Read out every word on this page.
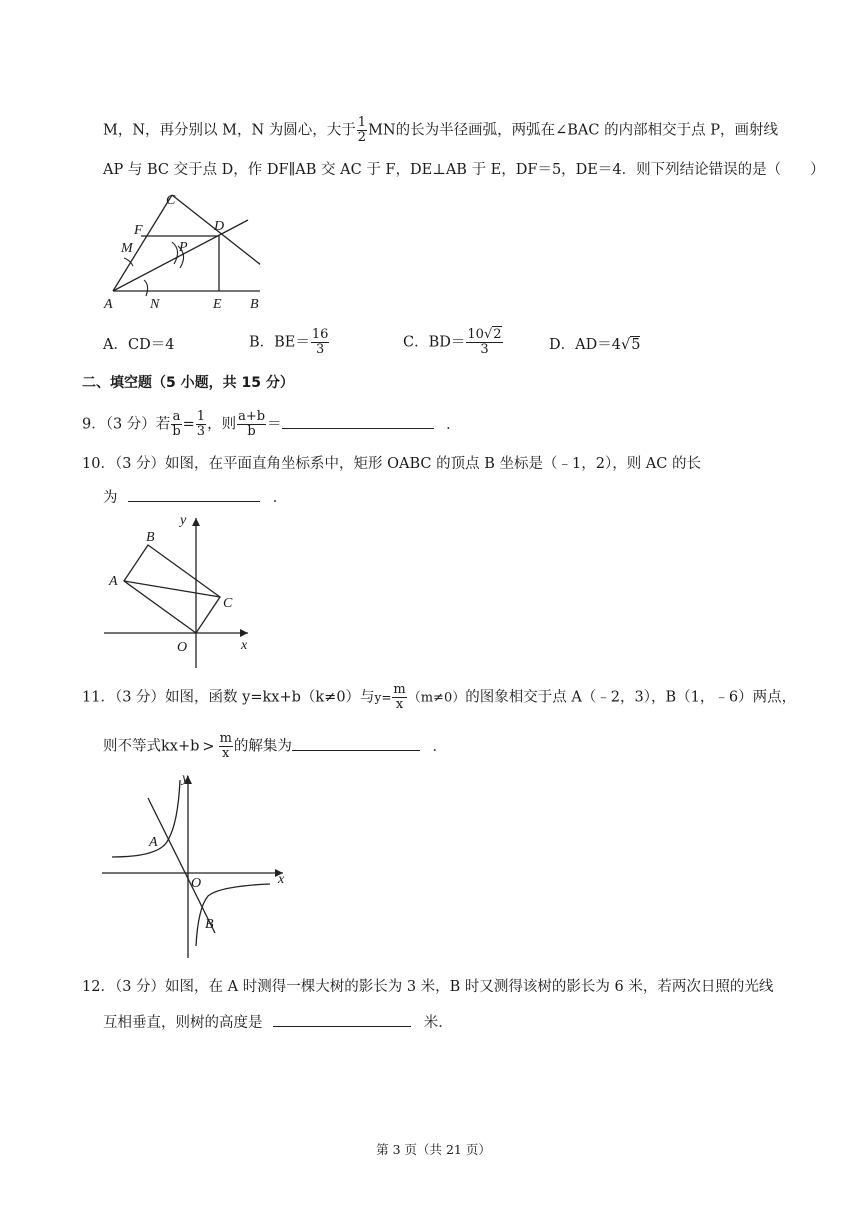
M，N，再分别以 M，N 为圆心，大于 $\frac{1}{2}$ MN的长为半径画弧，两弧在∠BAC 的内部相交于点 P，画射线
AP 与 BC 交于点 D，作 DF∥AB 交 AC 于 F，DE⊥AB 于 E，DF＝5，DE＝4．则下列结论错误的是（　　）
C
F	D
M	P
A	N	E B
A．CD＝4	B．$BE= \frac{16}{3}$	C．$BD= \frac{10√2}{3}$	D．AD＝4√5
二、填空题（5 小题，共 15 分）
9．（3 分）若 $\frac{a}{b} = \frac{1}{3}$ ，则 $\frac{a+b}{b}$ ＝	．
10．（3 分）如图，在平面直角坐标系中，矩形 OABC 的顶点 B 坐标是（﹣1，2），则 AC 的长
为	．
y
B
A
C
O	x
11．（3 分）如图，函数 y=kx+b（k≠0）与$y= \frac{m}{x} (m\ne 0)$的图象相交于点 A（﹣2，3），B（1，﹣6）两点，
则不等式$kx+b > \frac{m}{x}$ 的解集为	．
y
A
O	x
B
12．（3 分）如图，在 A 时测得一棵大树的影长为 3 米，B 时又测得该树的影长为 6 米，若两次日照的光线
互相垂直，则树的高度是	米．
第 3 页（共 21 页）
